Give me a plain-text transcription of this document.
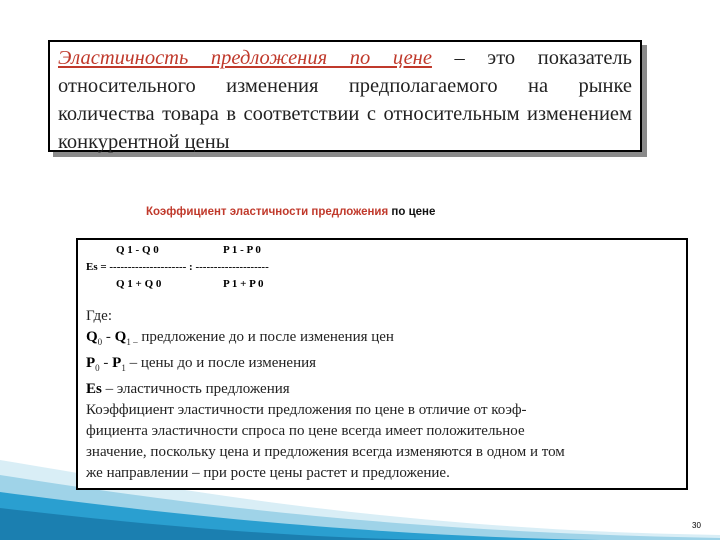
Эластичность предложения по цене – это показатель относительного изменения предполагаемого на рынке количества товара в соответствии с относительным изменением конкурентной цены
Коэффициент эластичности предложения по цене
Q 1 - Q 0	P 1 - P 0
Es = --------------------- : --------------------
Q 1 + Q 0	P 1 + P 0

Где:

$Q_0 - Q_{1 -}$ предложение до и после изменения цен

$P_0 - P_1$ – цены до и после изменения

Es – эластичность предложения

Коэффициент эластичности предложения по цене в отличие от коэф-

фициента эластичности спроса по цене всегда имеет положительное

значение, поскольку цена и предложения всегда изменяются в одном и том

же направлении – при росте цены растет и предложение.

30
